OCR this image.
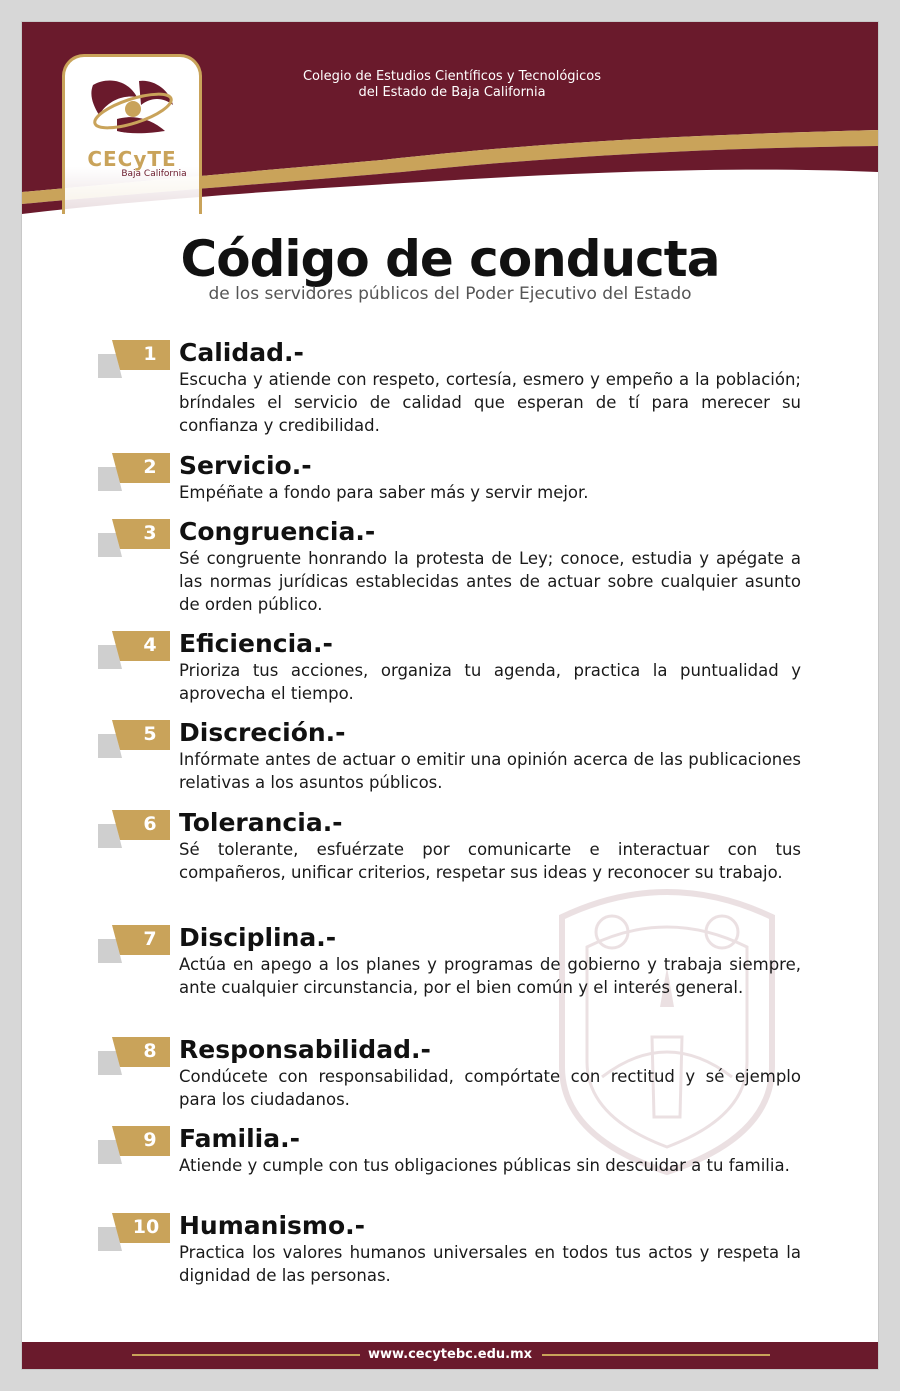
Colegio de Estudios Científicos y Tecnológicos
del Estado de Baja California
CECyTE
Baja California
Código de conducta
de los servidores públicos del Poder Ejecutivo del Estado
1 Calidad.-
Escucha y atiende con respeto, cortesía, esmero y empeño a la población; bríndales el servicio de calidad que esperan de tí para merecer su confianza y credibilidad.
2 Servicio.-
Empéñate a fondo para saber más y servir mejor.
3 Congruencia.-
Sé congruente honrando la protesta de Ley; conoce, estudia y apégate a las normas jurídicas establecidas antes de actuar sobre cualquier asunto de orden público.
4 Eficiencia.-
Prioriza tus acciones, organiza tu agenda, practica la puntualidad y aprovecha el tiempo.
5 Discreción.-
Infórmate antes de actuar o emitir una opinión acerca de las publicaciones relativas a los asuntos públicos.
6 Tolerancia.-
Sé tolerante, esfuérzate por comunicarte e interactuar con tus compañeros, unificar criterios, respetar sus ideas y reconocer su trabajo.
7 Disciplina.-
Actúa en apego a los planes y programas de gobierno y trabaja siempre, ante cualquier circunstancia, por el bien común y el interés general.
8 Responsabilidad.-
Condúcete con responsabilidad, compórtate con rectitud y sé ejemplo para los ciudadanos.
9 Familia.-
Atiende y cumple con tus obligaciones públicas sin descuidar a tu familia.
10 Humanismo.-
Practica los valores humanos universales en todos tus actos y respeta la dignidad de las personas.
www.cecytebc.edu.mx
